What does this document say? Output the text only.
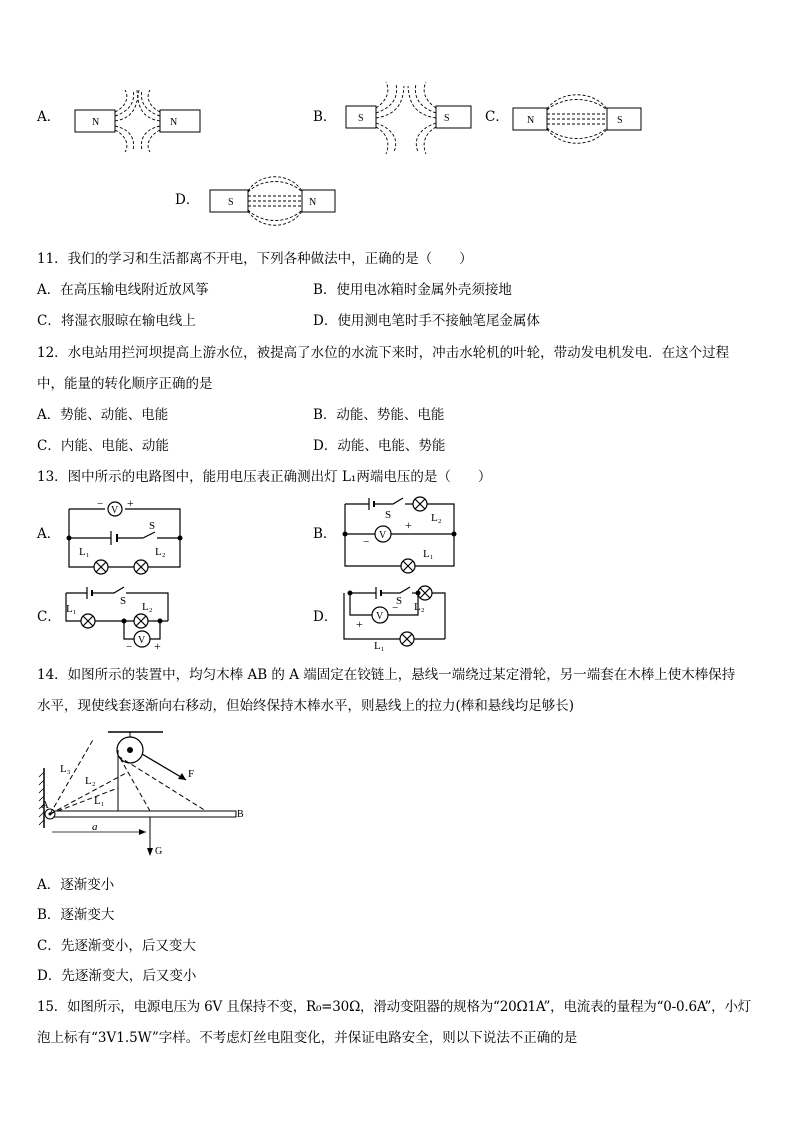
A．	N	N	B． S	S	C． N	S
D．	S	N
11．我们的学习和生活都离不开电，下列各种做法中，正确的是（　　）
A．在高压输电线附近放风筝	B．使用电冰箱时金属外壳须接地
C．将湿衣服晾在输电线上	D．使用测电笔时手不接触笔尾金属体
12．水电站用拦河坝提高上游水位，被提高了水位的水流下来时，冲击水轮机的叶轮，带动发电机发电．在这个过程
中，能量的转化顺序正确的是
A．势能、动能、电能	B．动能、势能、电能
C．内能、电能、动能	D．动能、电能、势能
13．图中所示的电路图中，能用电压表正确测出灯 L₁两端电压的是（　　）
A．
V
− +
S
L₁	L₂
B．	V
S	L₂
+
−
L₁
C． L₁
S L₂
V
− +
D．
S L₂
V
+
−
L₁
14．如图所示的装置中，均匀木棒 AB 的 A 端固定在铰链上，悬线一端绕过某定滑轮，另一端套在木棒上使木棒保持
水平，现使线套逐渐向右移动，但始终保持木棒水平，则悬线上的拉力(棒和悬线均足够长)
A
B
L₃
L₂
L₁
F
G
a
A．逐渐变小
B．逐渐变大
C．先逐渐变小，后又变大
D．先逐渐变大，后又变小
15．如图所示，电源电压为 6V 且保持不变，R₀=30Ω，滑动变阻器的规格为“20Ω1A”，电流表的量程为“0-0.6A”，小灯
泡上标有“3V1.5W”字样。不考虑灯丝电阻变化，并保证电路安全，则以下说法不正确的是
